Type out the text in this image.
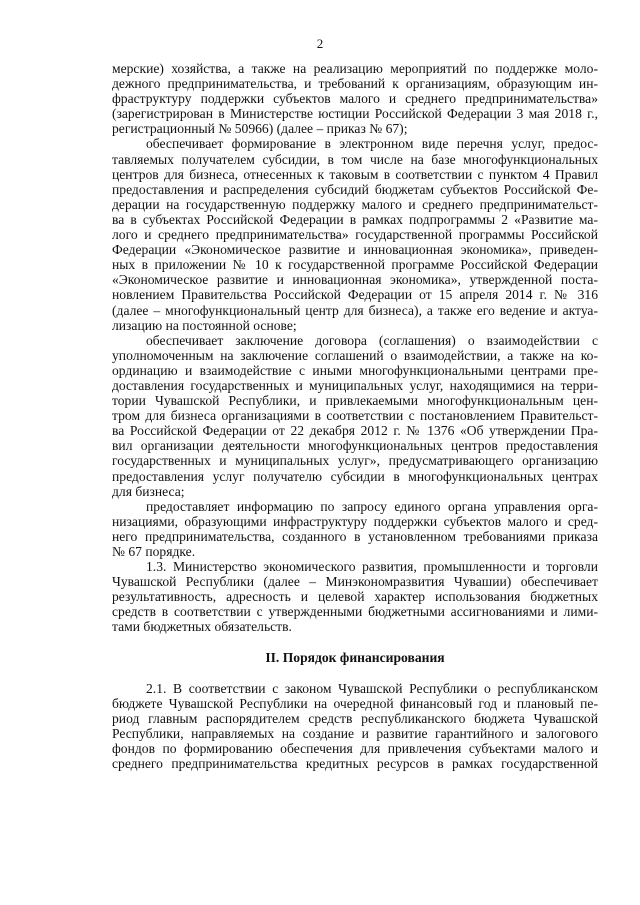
2
мерские) хозяйства, а также на реализацию мероприятий по поддержке моло-
дежного предпринимательства, и требований к организациям, образующим ин-
фраструктуру поддержки субъектов малого и среднего предпринимательства»
(зарегистрирован в Министерстве юстиции Российской Федерации 3 мая 2018 г.,
регистрационный № 50966) (далее – приказ № 67);
обеспечивает формирование в электронном виде перечня услуг, предос-
тавляемых получателем субсидии, в том числе на базе многофункциональных
центров для бизнеса, отнесенных к таковым в соответствии с пунктом 4 Правил
предоставления и распределения субсидий бюджетам субъектов Российской Фе-
дерации на государственную поддержку малого и среднего предпринимательст-
ва в субъектах Российской Федерации в рамках подпрограммы 2 «Развитие ма-
лого и среднего предпринимательства» государственной программы Российской
Федерации «Экономическое развитие и инновационная экономика», приведен-
ных в приложении № 10 к государственной программе Российской Федерации
«Экономическое развитие и инновационная экономика», утвержденной поста-
новлением Правительства Российской Федерации от 15 апреля 2014 г. № 316
(далее – многофункциональный центр для бизнеса), а также его ведение и актуа-
лизацию на постоянной основе;
обеспечивает заключение договора (соглашения) о взаимодействии с
уполномоченным на заключение соглашений о взаимодействии, а также на ко-
ординацию и взаимодействие с иными многофункциональными центрами пре-
доставления государственных и муниципальных услуг, находящимися на терри-
тории Чувашской Республики, и привлекаемыми многофункциональным цен-
тром для бизнеса организациями в соответствии с постановлением Правительст-
ва Российской Федерации от 22 декабря 2012 г. № 1376 «Об утверждении Пра-
вил организации деятельности многофункциональных центров предоставления
государственных и муниципальных услуг», предусматривающего организацию
предоставления услуг получателю субсидии в многофункциональных центрах
для бизнеса;
предоставляет информацию по запросу единого органа управления орга-
низациями, образующими инфраструктуру поддержки субъектов малого и сред-
него предпринимательства, созданного в установленном требованиями приказа
№ 67 порядке.
1.3. Министерство экономического развития, промышленности и торговли
Чувашской Республики (далее – Минэкономразвития Чувашии) обеспечивает
результативность, адресность и целевой характер использования бюджетных
средств в соответствии с утвержденными бюджетными ассигнованиями и лими-
тами бюджетных обязательств.
II. Порядок финансирования
2.1. В соответствии с законом Чувашской Республики о республиканском
бюджете Чувашской Республики на очередной финансовый год и плановый пе-
риод главным распорядителем средств республиканского бюджета Чувашской
Республики, направляемых на создание и развитие гарантийного и залогового
фондов по формированию обеспечения для привлечения субъектами малого и
среднего предпринимательства кредитных ресурсов в рамках государственной
